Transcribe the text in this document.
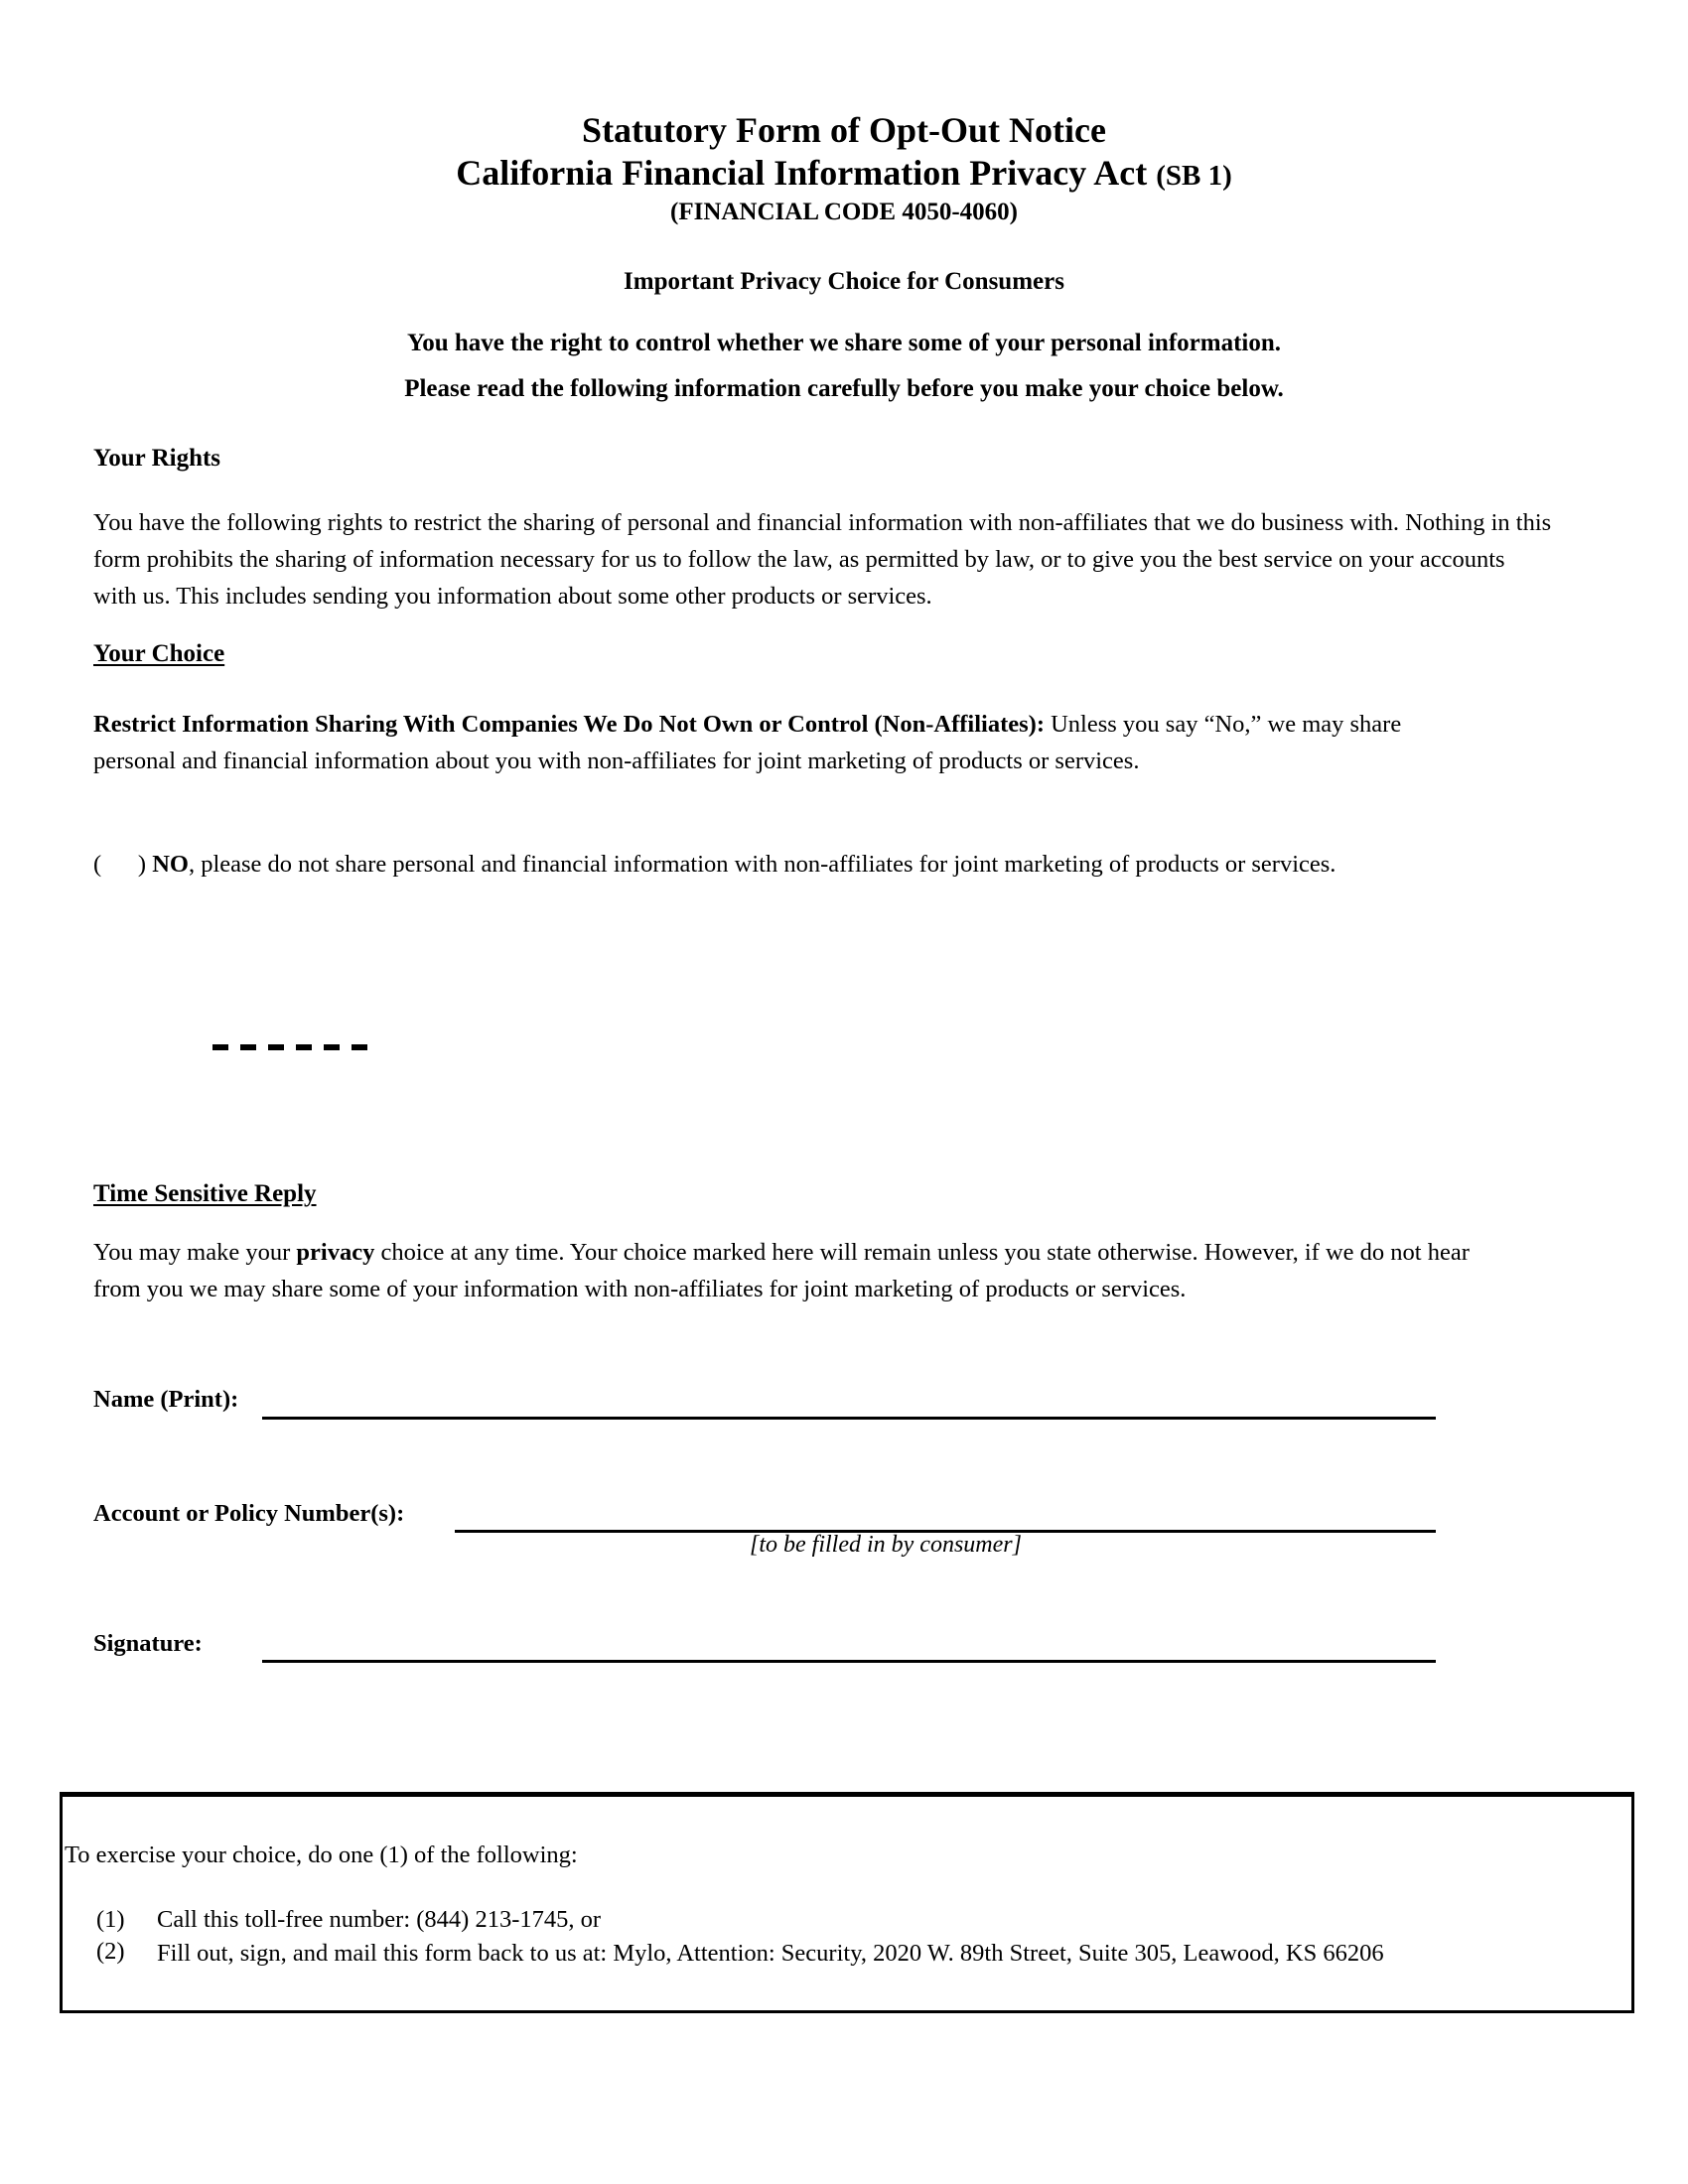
Statutory Form of Opt-Out Notice
California Financial Information Privacy Act (SB 1)
(FINANCIAL CODE 4050-4060)
Important Privacy Choice for Consumers
You have the right to control whether we share some of your personal information.
Please read the following information carefully before you make your choice below.
Your Rights
You have the following rights to restrict the sharing of personal and financial information with non-affiliates that we do business with. Nothing in this form prohibits the sharing of information necessary for us to follow the law, as permitted by law, or to give you the best service on your accounts with us. This includes sending you information about some other products or services.
Your Choice
Restrict Information Sharing With Companies We Do Not Own or Control (Non-Affiliates): Unless you say “No,” we may share personal and financial information about you with non-affiliates for joint marketing of products or services.
(      ) NO, please do not share personal and financial information with non-affiliates for joint marketing of products or services.
Time Sensitive Reply
You may make your privacy choice at any time. Your choice marked here will remain unless you state otherwise. However, if we do not hear from you we may share some of your information with non-affiliates for joint marketing of products or services.
Name (Print):
Account or Policy Number(s):
[to be filled in by consumer]
Signature:
To exercise your choice, do one (1) of the following:
(1) Call this toll-free number: (844) 213-1745, or
(2) Fill out, sign, and mail this form back to us at: Mylo, Attention: Security, 2020 W. 89th Street, Suite 305, Leawood, KS 66206
